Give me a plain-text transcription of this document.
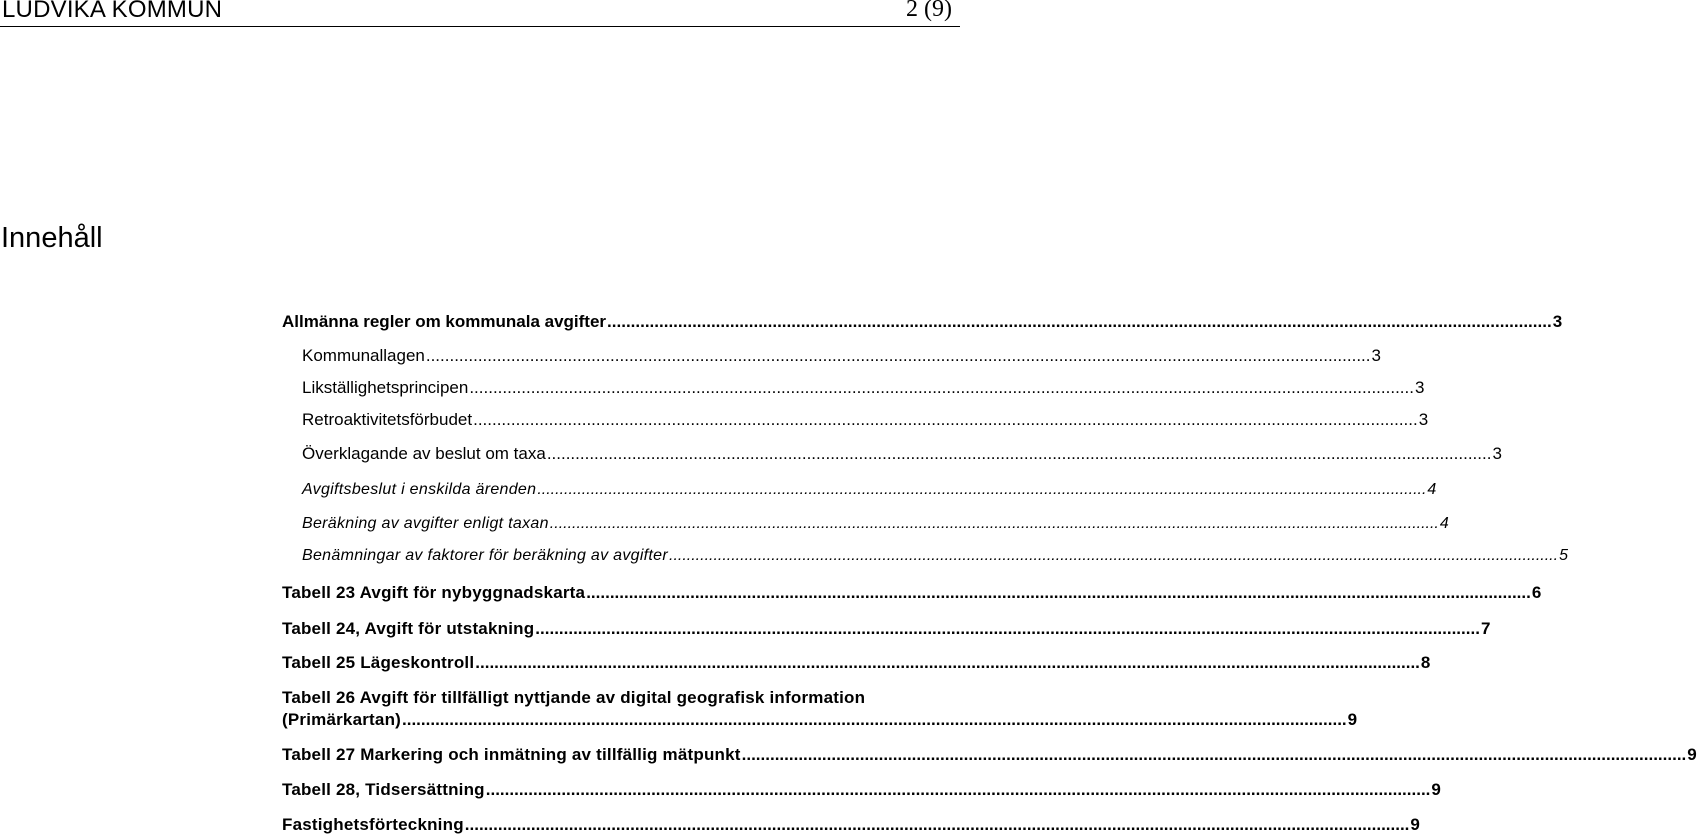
LUDVIKA KOMMUN	2 (9)
Innehåll
Allmänna regler om kommunala avgifter ........................................................................................................................................................................................................ 3
Kommunallagen ........................................................................................................................................................................................................ 3
Likställighetsprincipen ........................................................................................................................................................................................................ 3
Retroaktivitetsförbudet ........................................................................................................................................................................................................ 3
Överklagande av beslut om taxa ........................................................................................................................................................................................................ 3
Avgiftsbeslut i enskilda ärenden ........................................................................................................................................................................................................ 4
Beräkning av avgifter enligt taxan ........................................................................................................................................................................................................ 4
Benämningar av faktorer för beräkning av avgifter ........................................................................................................................................................................................................ 5
Tabell 23 Avgift för nybyggnadskarta ........................................................................................................................................................................................................ 6
Tabell 24, Avgift för utstakning ........................................................................................................................................................................................................ 7
Tabell 25 Lägeskontroll ........................................................................................................................................................................................................ 8
Tabell 26 Avgift för tillfälligt nyttjande av digital geografisk information
(Primärkartan) ........................................................................................................................................................................................................ 9
Tabell 27 Markering och inmätning av tillfällig mätpunkt ........................................................................................................................................................................................................ 9
Tabell 28, Tidsersättning ........................................................................................................................................................................................................ 9
Fastighetsförteckning ........................................................................................................................................................................................................ 9
